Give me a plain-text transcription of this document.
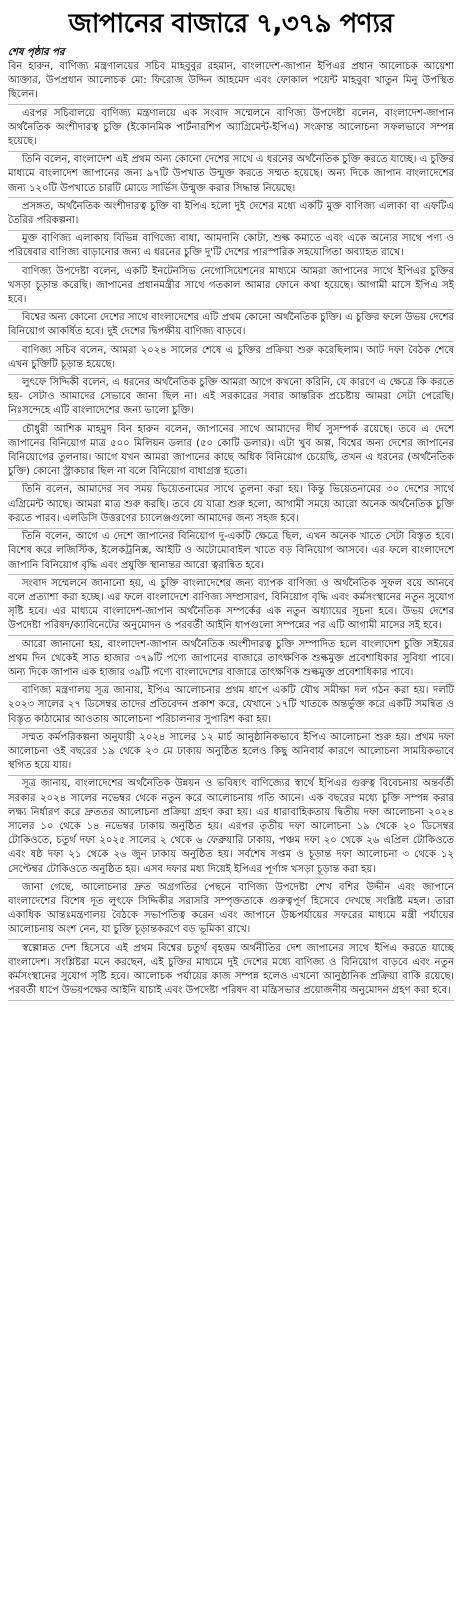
জাপানের বাজারে ৭,৩৭৯ পণ্যর
শেষ পৃষ্ঠার পর

বিন হারুন, বাণিজ্য মন্ত্রণালয়ের সচিব মাহবুবুর রহমান, বাংলাদেশ-জাপান ইপিএর প্রধান আলোচক আয়েশা আক্তার, উপপ্রধান আলোচক মো: ফিরোজ উদ্দিন আহমেদ এবং ফোকাল পয়েন্ট মাহবুবা খাতুন মিনু উপস্থিত ছিলেন।

এরপর সচিবালয়ে বাণিজ্য মন্ত্রণালয়ে এক সংবাদ সম্মেলনে বাণিজ্য উপদেষ্টা বলেন, বাংলাদেশ-জাপান অর্থনৈতিক অংশীদারত্ব চুক্তি (ইকোনমিক পার্টনারশিপ অ্যাগ্রিমেন্ট-ইপিএ) সংক্রান্ত আলোচনা সফলভাবে সম্পন্ন হয়েছে।

তিনি বলেন, বাংলাদেশ এই প্রথম অন্য কোনো দেশের সাথে এ ধরনের অর্থনৈতিক চুক্তি করতে যাচ্ছে। এ চুক্তির মাধ্যমে বাংলাদেশ জাপানের জন্য ৯৭টি উপখাত উন্মুক্ত করতে সম্মত হয়েছে। অন্য দিকে জাপান বাংলাদেশের জন্য ১২০টি উপখাতে চারটি মোডে সার্ভিস উন্মুক্ত করার সিদ্ধান্ত নিয়েছে।

প্রসঙ্গত, অর্থনৈতিক অংশীদারত্ব চুক্তি বা ইপিএ হলো দুই দেশের মধ্যে একটি মুক্ত বাণিজ্য এলাকা বা এফটিএ তৈরির পরিকল্পনা।

মুক্ত বাণিজ্য এলাকায় বিভিন্ন বাণিজ্যে বাধা, আমদানি কোটা, শুল্ক কমাতে এবং একে অন্যের সাথে পণ্য ও পরিষেবার বাণিজ্য বাড়ানোর জন্য এ ধরনের চুক্তি দু'টি দেশের পারস্পরিক সহযোগিতা অব্যাহত রাখে।

বাণিজ্য উপদেষ্টা বলেন, একটি ইনটেনসিভ নেগোসিয়েশনের মাধ্যমে আমরা জাপানের সাথে ইপিএর চুক্তির খসড়া চূড়ান্ত করেছি। জাপানের প্রধানমন্ত্রীর সাথে গতকাল আমার ফোনে কথা হয়েছে। আগামী মাসে ইপিএ সই হবে।

বিশ্বের অন্য কোনো দেশের সাথে বাংলাদেশের এটি প্রথম কোনো অর্থনৈতিক চুক্তি। এ চুক্তির ফলে উভয় দেশের বিনিয়োগ আকর্ষিত হবে। দুই দেশের দ্বিপক্ষীয় বাণিজ্য বাড়বে।

বাণিজ্য সচিব বলেন, আমরা ২০২৪ সালের শেষে এ চুক্তির প্রক্রিয়া শুরু করেছিলাম। আট দফা বৈঠক শেষে এখন চুক্তিটি চূড়ান্ত হয়েছে।

লুৎফে সিদ্দিকী বলেন, এ ধরনের অর্থনৈতিক চুক্তি আমরা আগে কখনো করিনি, যে কারণে এ ক্ষেত্রে কি করতে হয়- সেটাও আমাদের সেভাবে জানা ছিল না। এই সরকারের সবার আন্তরিক প্রচেষ্টায় আমরা সেটা পেরেছি। নিঃসন্দেহে এটি বাংলাদেশের জন্য ভালো চুক্তি।

চৌধুরী আশিক মাহমুদ বিন হারুন বলেন, জাপানের সাথে আমাদের দীর্ঘ সুসম্পর্ক রয়েছে। তবে এ দেশে জাপানের বিনিয়োগ মাত্র ৫০০ মিলিয়ন ডলার (৫০ কোটি ডলার)। এটা খুব অল্প, বিশ্বের অন্য দেশের জাপানের বিনিয়োগের তুলনায়। আগে যখন আমরা জাপানের কাছে অধিক বিনিয়োগ চেয়েছি, তখন এ ধরনের (অর্থনৈতিক চুক্তি) কোনো স্ট্রাকচার ছিল না বলে বিনিয়োগ বাধাগ্রস্ত হতো।

তিনি বলেন, আমাদের সব সময় ভিয়েতনামের সাথে তুলনা করা হয়। কিন্তু ভিয়েতনামের ৩০ দেশের সাথে এগ্রিমেন্ট আছে। আমরা মাত্র শুরু করছি। তবে যে যাত্রা শুরু হলো, আগামী সময়ে আরো অনেক অর্থনৈতিক চুক্তি করতে পারব। এলডিসি উত্তরণের চ্যালেঞ্জগুলো আমাদের জন্য সহজ হবে।

তিনি বলেন, আগে এ দেশে জাপানের বিনিয়োগ দু-একটি ক্ষেত্রে ছিল, এখন অনেক খাতে সেটা বিস্তৃত হবে। বিশেষ করে লজিস্টিক, ইলেকট্রনিক্স, আইটি ও অটোমোবাইল খাতে বড় বিনিয়োগ আসবে। এর ফলে বাংলাদেশে জাপানি বিনিয়োগ বৃদ্ধি এবং প্রযুক্তি স্থানান্তর আরো ত্বরান্বিত হবে।

সংবাদ সম্মেলনে জানানো হয়, এ চুক্তি বাংলাদেশের জন্য ব্যাপক বাণিজ্য ও অর্থনৈতিক সুফল বয়ে আনবে বলে প্রত্যাশা করা হচ্ছে। এর ফলে বাংলাদেশে বাণিজ্য সম্প্রসারণ, বিনিয়োগ বৃদ্ধি এবং কর্মসংস্থানের নতুন সুযোগ সৃষ্টি হবে। এর মাধ্যমে বাংলাদেশ-জাপান অর্থনৈতিক সম্পর্কের এক নতুন অধ্যায়ের সূচনা হবে। উভয় দেশের উপদেষ্টা পরিষদ/ক্যাবিনেটের অনুমোদন ও পরবর্তী আইনি ধাপগুলো সম্পন্নের পর এটি আগামী মাসের সই হবে।

আরো জানানো হয়, বাংলাদেশ-জাপান অর্থনৈতিক অংশীদারত্ব চুক্তি সম্পাদিত হলে বাংলাদেশ চুক্তি সইয়ের প্রথম দিন থেকেই সাত হাজার ৩৭৯টি পণ্যে জাপানের বাজারে তাৎক্ষণিক শুল্কমুক্ত প্রবেশাধিকার সুবিধা পাবে। অন্য দিকে জাপান এক হাজার ৩৯টি পণ্যে বাংলাদেশের বাজারে তাৎক্ষণিক শুল্কমুক্ত প্রবেশাধিকার পাবে।

বাণিজ্য মন্ত্রণালয় সূত্র জানায়, ইপিএ আলোচনার প্রথম ধাপে একটি যৌথ সমীক্ষা দল গঠন করা হয়। দলটি ২০২৩ সালের ২৭ ডিসেম্বর তাদের প্রতিবেদন প্রকাশ করে, যেখানে ১৭টি খাতকে অন্তর্ভুক্ত করে একটি সমন্বিত ও বিস্তৃত কাঠামোর আওতায় আলোচনা পরিচালনার সুপারিশ করা হয়।

সম্মত কর্মপরিকল্পনা অনুযায়ী ২০২৪ সালের ১২ মার্চ আনুষ্ঠানিকভাবে ইপিএ আলোচনা শুরু হয়। প্রথম দফা আলোচনা ওই বছরের ১৯ থেকে ২৩ মে ঢাকায় অনুষ্ঠিত হলেও কিছু অনিবার্য কারণে আলোচনা সাময়িকভাবে স্থগিত হয়ে যায়।

সূত্র জানায়, বাংলাদেশের অর্থনৈতিক উন্নয়ন ও ভবিষ্যৎ বাণিজ্যের স্বার্থে ইপিএর গুরুত্ব বিবেচনায় অন্তর্বর্তী সরকার ২০২৪ সালের নভেম্বর থেকে নতুন করে আলোচনায় গতি আনে। এক বছরের মধ্যে চুক্তি সম্পন্ন করার লক্ষ্য নির্ধারণ করে দ্রুততর আলোচনা প্রক্রিয়া গ্রহণ করা হয়। এর ধারাবাহিকতায় দ্বিতীয় দফা আলোচনা ২০২৪ সালের ১০ থেকে ১৪ নভেম্বর ঢাকায় অনুষ্ঠিত হয়। এরপর তৃতীয় দফা আলোচনা ১৯ থেকে ২০ ডিসেম্বর টোকিওতে, চতুর্থ দফা ২০২৫ সালের ২ থেকে ৬ ফেব্রুয়ারি ঢাকায়, পঞ্চম দফা ২০ থেকে ২৬ এপ্রিল টোকিওতে এবং ষষ্ঠ দফা ২১ থেকে ২৬ জুন ঢাকায় অনুষ্ঠিত হয়। সর্বশেষ সপ্তম ও চূড়ান্ত দফা আলোচনা ৩ থেকে ১২ সেপ্টেম্বর টোকিওতে অনুষ্ঠিত হয়। এসব দফার মধ্য দিয়েই ইপিএর পূর্ণাঙ্গ খসড়া চূড়ান্ত করা হয়।

জানা গেছে, আলোচনার দ্রুত অগ্রগতির পেছনে বাণিজ্য উপদেষ্টা শেখ বশির উদ্দীন এবং জাপানে বাংলাদেশের বিশেষ দূত লুৎফে সিদ্দিকীর সরাসরি সম্পৃক্ততাকে গুরুত্বপূর্ণ হিসেবে দেখছে সংশ্লিষ্ট মহল। তারা একাধিক আন্তঃমন্ত্রণালয় বৈঠকে সভাপতিত্ব করেন এবং জাপানে উচ্চপর্যায়ের সফরের মাধ্যমে মন্ত্রী পর্যায়ের আলোচনায় অংশ নেন, যা চুক্তি চূড়ান্তকরণে বড় ভূমিকা রাখে।

স্বল্পোন্নত দেশ হিসেবে এই প্রথম বিশ্বের চতুর্থ বৃহত্তম অর্থনীতির দেশ জাপানের সাথে ইপিএ করতে যাচ্ছে বাংলাদেশ। সংশ্লিষ্টরা মনে করছেন, এই চুক্তির মাধ্যমে দুই দেশের মধ্যে বাণিজ্য ও বিনিয়োগ বাড়বে এবং নতুন কর্মসংস্থানের সুযোগ সৃষ্টি হবে। আলোচক পর্যায়ের কাজ সম্পন্ন হলেও এখনো আনুষ্ঠানিক প্রক্রিয়া বাকি রয়েছে। পরবর্তী ধাপে উভয়পক্ষের আইনি যাচাই এবং উপদেষ্টা পরিষদ বা মন্ত্রিসভার প্রয়োজনীয় অনুমোদন গ্রহণ করা হবে।
